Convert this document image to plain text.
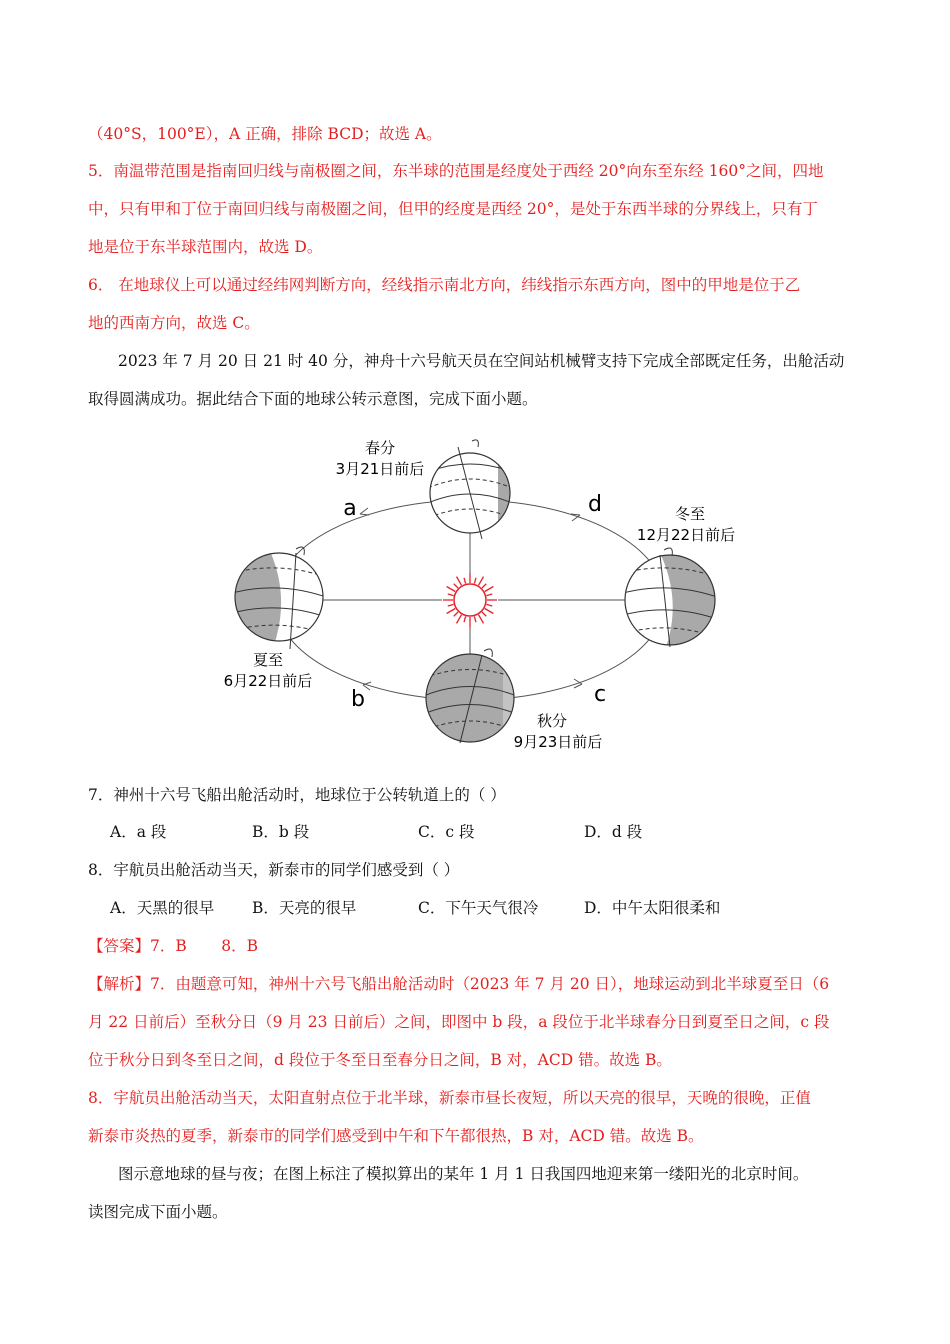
（40°S，100°E），A 正确，排除 BCD；故选 A。
5．南温带范围是指南回归线与南极圈之间，东半球的范围是经度处于西经 20°向东至东经 160°之间，四地
中，只有甲和丁位于南回归线与南极圈之间，但甲的经度是西经 20°，是处于东西半球的分界线上，只有丁
地是位于东半球范围内，故选 D。
6． 在地球仪上可以通过经纬网判断方向，经线指示南北方向，纬线指示东西方向，图中的甲地是位于乙
地的西南方向，故选 C。
2023 年 7 月 20 日 21 时 40 分，神舟十六号航天员在空间站机械臂支持下完成全部既定任务，出舱活动
取得圆满成功。据此结合下面的地球公转示意图，完成下面小题。
春分
3月21日前后
a	d	冬至
12月22日前后
夏至
6月22日前后
b	c
秋分
9月23日前后
7．神州十六号飞船出舱活动时，地球位于公转轨道上的（ ）
A．a 段	B．b 段	C．c 段	D．d 段
8．宇航员出舱活动当天，新泰市的同学们感受到（ ）
A．天黑的很早 B．天亮的很早	C．下午天气很冷	D．中午太阳很柔和
【答案】7．B       8．B
【解析】7．由题意可知，神州十六号飞船出舱活动时（2023 年 7 月 20 日），地球运动到北半球夏至日（6
月 22 日前后）至秋分日（9 月 23 日前后）之间，即图中 b 段，a 段位于北半球春分日到夏至日之间，c 段
位于秋分日到冬至日之间，d 段位于冬至日至春分日之间，B 对，ACD 错。故选 B。
8．宇航员出舱活动当天，太阳直射点位于北半球，新泰市昼长夜短，所以天亮的很早，天晚的很晚，正值
新泰市炎热的夏季，新泰市的同学们感受到中午和下午都很热，B 对，ACD 错。故选 B。
图示意地球的昼与夜；在图上标注了模拟算出的某年 1 月 1 日我国四地迎来第一缕阳光的北京时间。
读图完成下面小题。
